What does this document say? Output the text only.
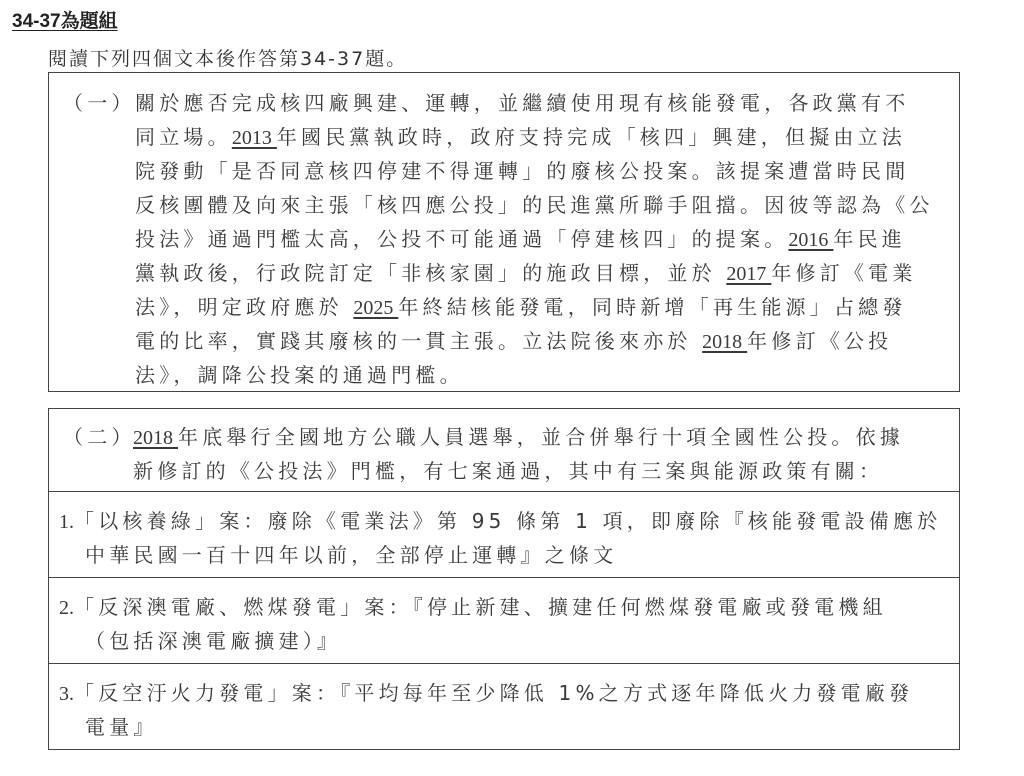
34-37為題組
閱讀下列四個文本後作答第34-37題。
（一） 關於應否完成核四廠興建、運轉，並繼續使用現有核能發電，各政黨有不
同立場。2013 年國民黨執政時，政府支持完成「核四」興建，但擬由立法
院發動「是否同意核四停建不得運轉」的廢核公投案。該提案遭當時民間
反核團體及向來主張「核四應公投」的民進黨所聯手阻擋。因彼等認為《公
投法》通過門檻太高，公投不可能通過「停建核四」的提案。2016 年民進
黨執政後，行政院訂定「非核家園」的施政目標，並於 2017 年修訂《電業
法》，明定政府應於 2025 年終結核能發電，同時新增「再生能源」占總發
電的比率，實踐其廢核的一貫主張。立法院後來亦於 2018 年修訂《公投
法》，調降公投案的通過門檻。
（二）
2018 年底舉行全國地方公職人員選舉，並合併舉行十項全國性公投。依據
新修訂的《公投法》門檻，有七案通過，其中有三案與能源政策有關：
1.「以核養綠」案：廢除《電業法》第 95 條第 1 項，即廢除『核能發電設備應於
中華民國一百十四年以前，全部停止運轉』之條文
2.「反深澳電廠、燃煤發電」案：『停止新建、擴建任何燃煤發電廠或發電機組
（包括深澳電廠擴建）』
3.「反空汙火力發電」案：『平均每年至少降低 1%之方式逐年降低火力發電廠發
電量』
